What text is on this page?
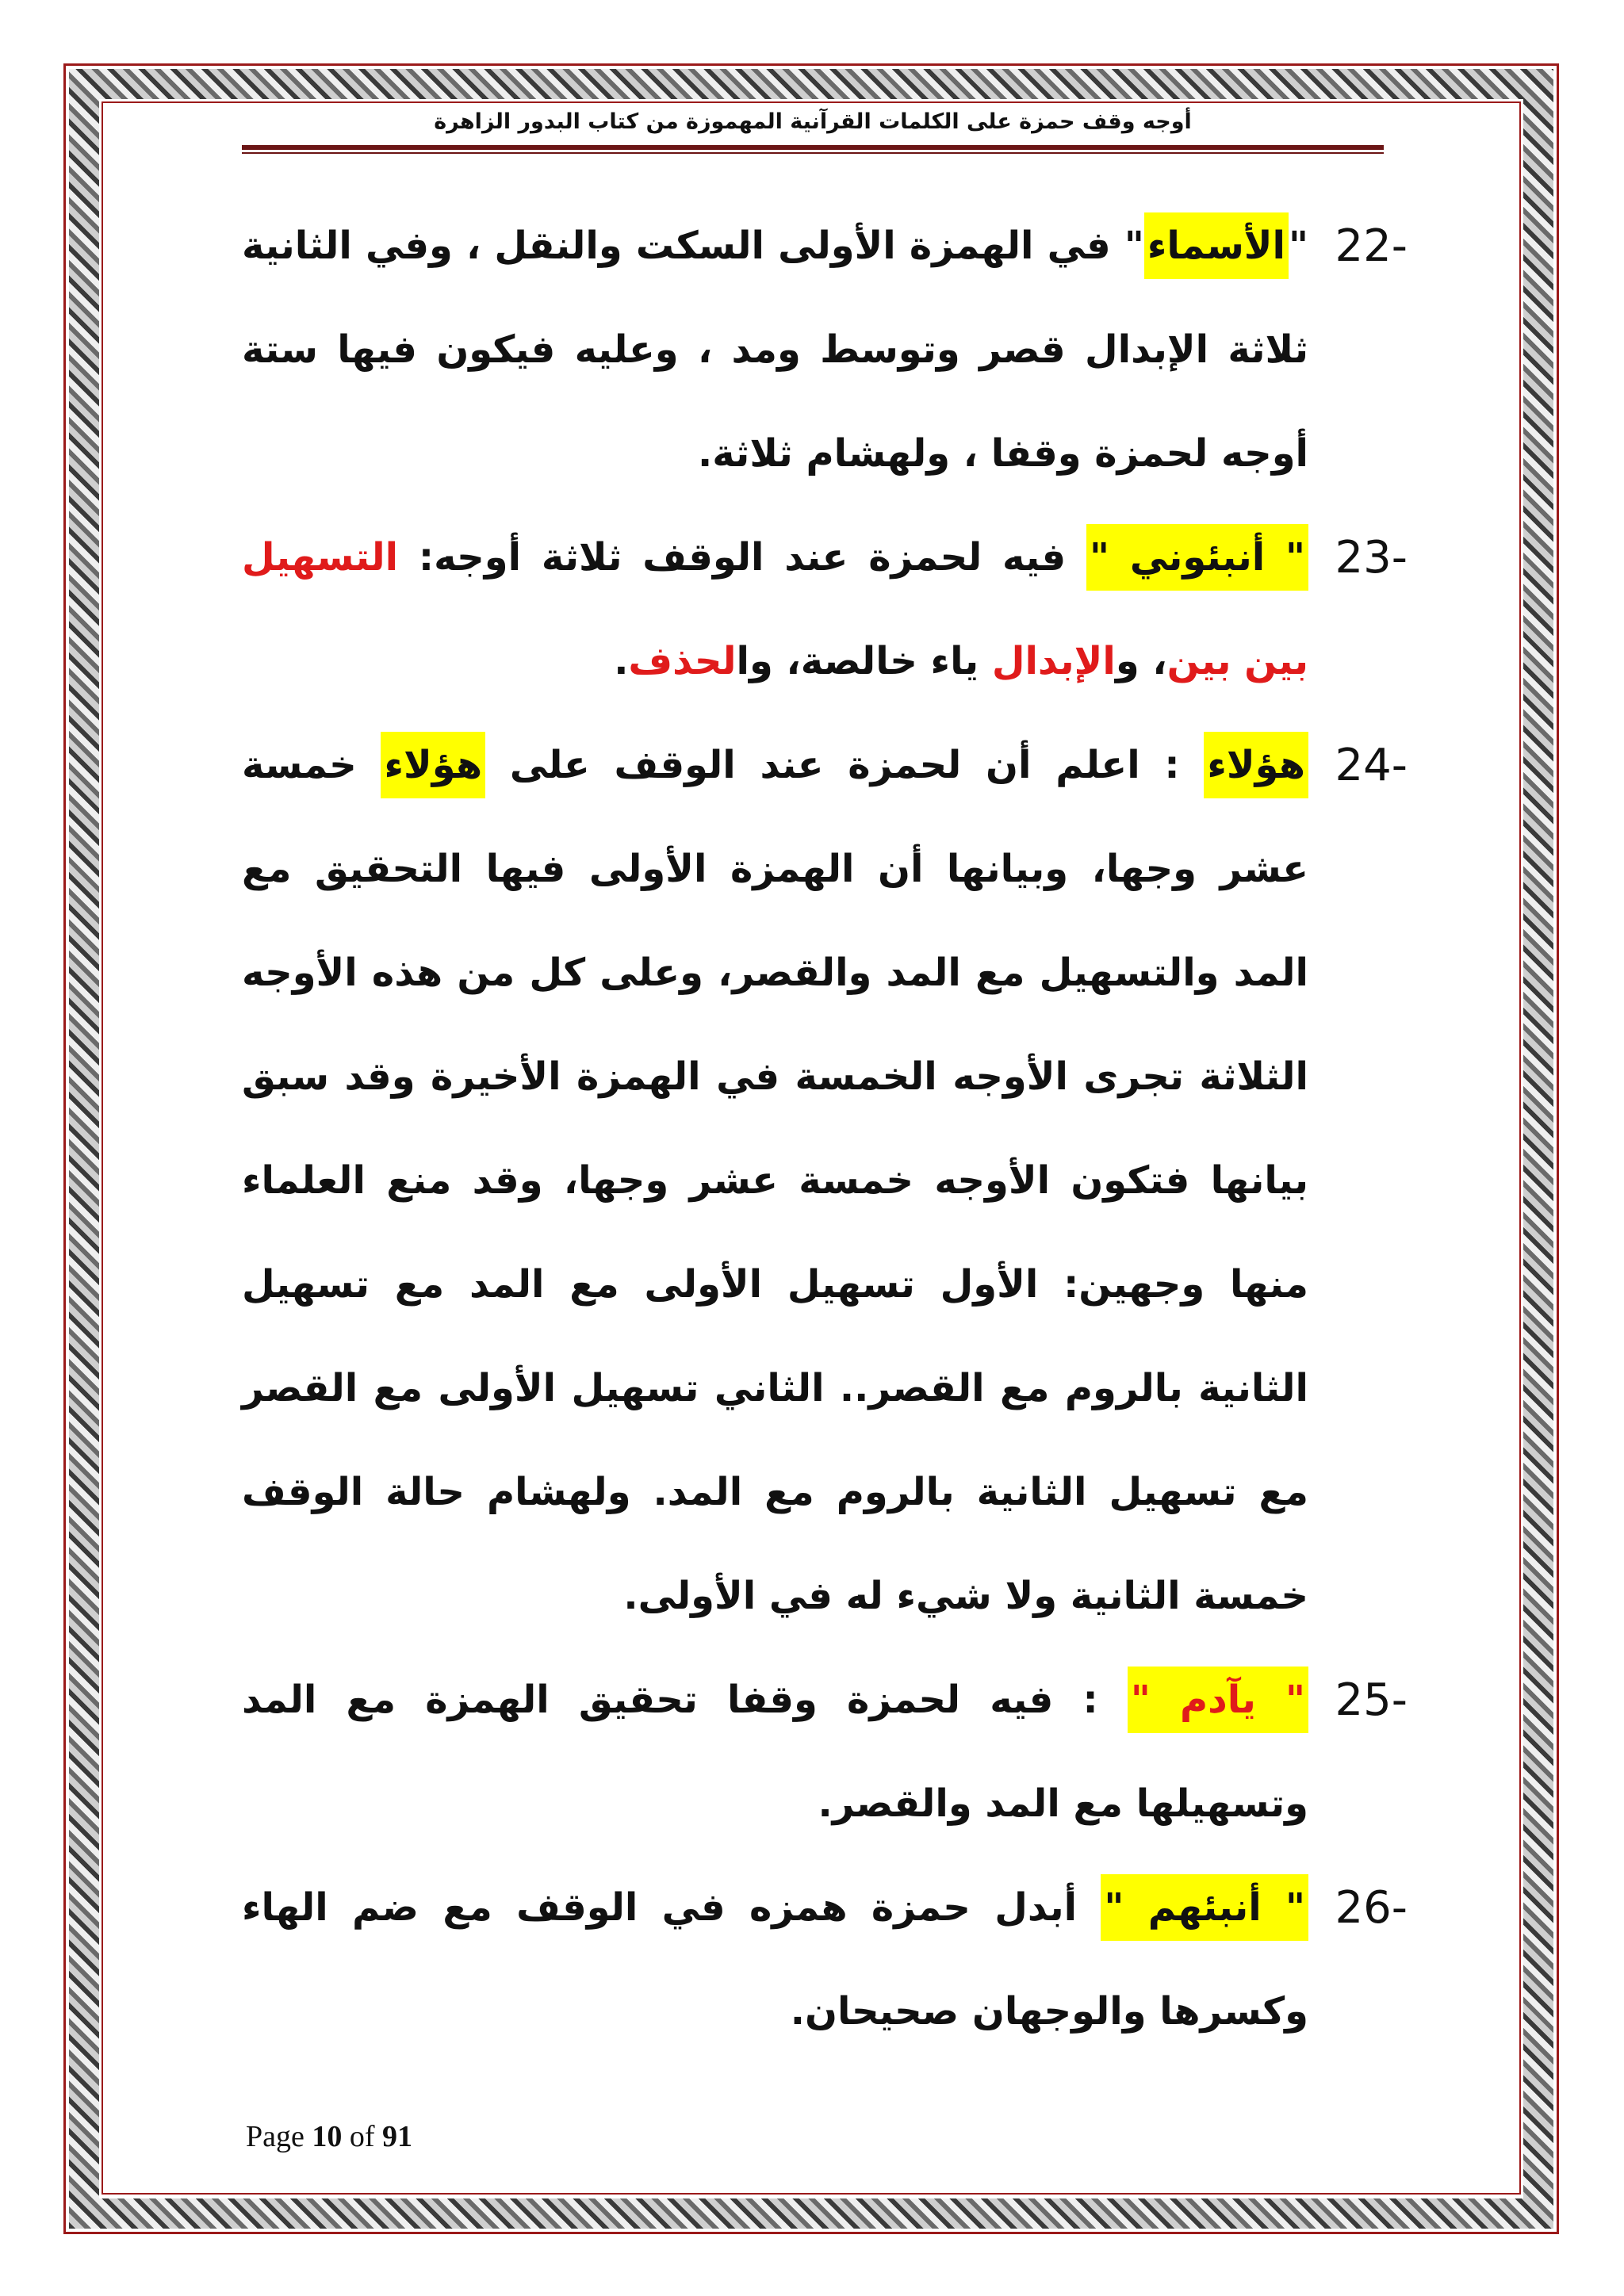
أوجه وقف حمزة على الكلمات القرآنية المهموزة من كتاب البدور الزاهرة

22-
"الأسماء" في الهمزة الأولى السكت والنقل ، وفي الثانية ثلاثة الإبدال قصر وتوسط ومد ، وعليه فيكون فيها ستة أوجه لحمزة وقفا ، ولهشام ثلاثة.

23-
" أنبئوني " فيه لحمزة عند الوقف ثلاثة أوجه: التسهيل بين بين، والإبدال ياء خالصة، والحذف.

24-
هؤلاء : اعلم أن لحمزة عند الوقف على هؤلاء خمسة عشر وجها، وبيانها أن الهمزة الأولى فيها التحقيق مع المد والتسهيل مع المد والقصر، وعلى كل من هذه الأوجه الثلاثة تجرى الأوجه الخمسة في الهمزة الأخيرة وقد سبق بيانها فتكون الأوجه خمسة عشر وجها، وقد منع العلماء منها وجهين: الأول تسهيل الأولى مع المد مع تسهيل الثانية بالروم مع القصر.. الثاني تسهيل الأولى مع القصر مع تسهيل الثانية بالروم مع المد. ولهشام حالة الوقف خمسة الثانية ولا شيء له في الأولى.

25-
" يآدم " : فيه لحمزة وقفا تحقيق الهمزة مع المد وتسهيلها مع المد والقصر.

26-
" أنبئهم " أبدل حمزة همزه في الوقف مع ضم الهاء وكسرها والوجهان صحيحان.

Page 10 of 91
